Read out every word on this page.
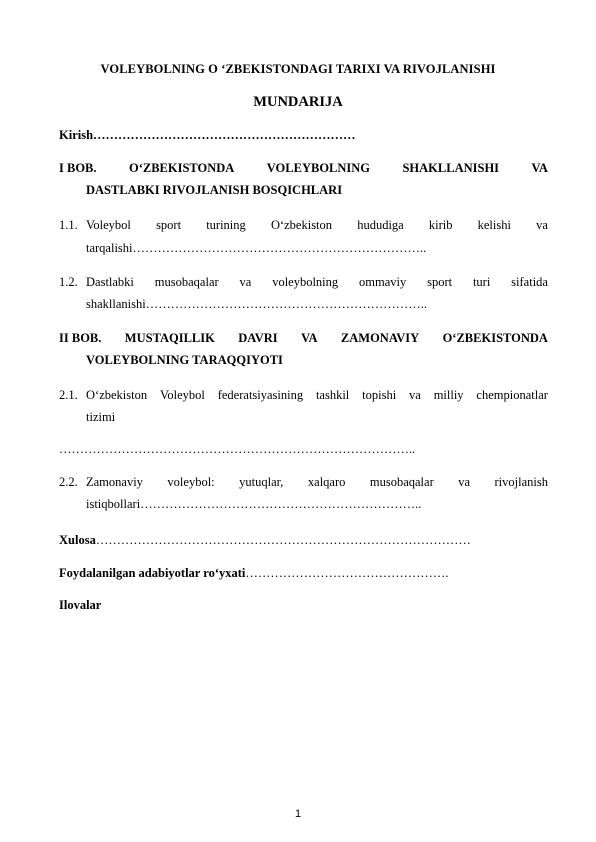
VOLEYBOLNING O ‘ZBEKISTONDAGI TARIXI VA RIVOJLANISHI
MUNDARIJA
Kirish………………………………………………………
I BOB.	O‘ZBEKISTONDA	VOLEYBOLNING	SHAKLLANISHI	VA
DASTLABKI RIVOJLANISH BOSQICHLARI
1.1. Voleybol sport turining O‘zbekiston hududiga kirib kelishi va
tarqalishi……………………………………………………………..
1.2. Dastlabki musobaqalar va voleybolning ommaviy sport turi sifatida
shakllanishi…………………………………………………………..
II BOB. MUSTAQILLIK DAVRI VA ZAMONAVIY O‘ZBEKISTONDA
VOLEYBOLNING TARAQQIYOTI
2.1. O‘zbekiston Voleybol federatsiyasining tashkil topishi va milliy chempionatlar
tizimi
…………………………………………………………………………..
2.2. Zamonaviy voleybol: yutuqlar, xalqaro musobaqalar va rivojlanish
istiqbollari…………………………………………………………..
Xulosa………………………………………………………………………………
Foydalanilgan adabiyotlar ro‘yxati………………………………………….
Ilovalar
1
